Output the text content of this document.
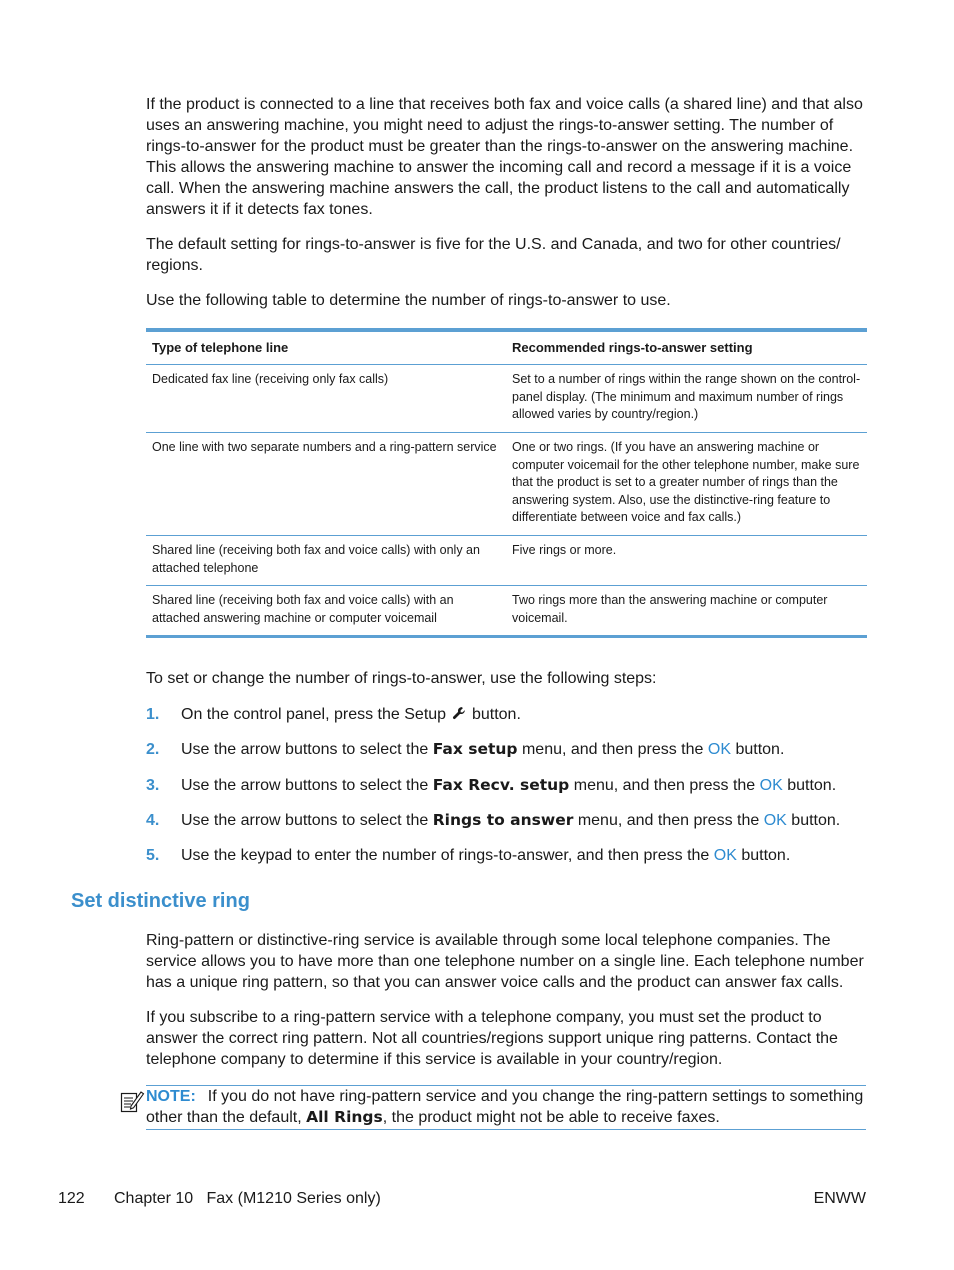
If the product is connected to a line that receives both fax and voice calls (a shared line) and that also uses an answering machine, you might need to adjust the rings-to-answer setting. The number of rings-to-answer for the product must be greater than the rings-to-answer on the answering machine. This allows the answering machine to answer the incoming call and record a message if it is a voice call. When the answering machine answers the call, the product listens to the call and automatically answers it if it detects fax tones.

The default setting for rings-to-answer is five for the U.S. and Canada, and two for other countries/ regions.

Use the following table to determine the number of rings-to-answer to use.

Type of telephone line	Recommended rings-to-answer setting
Dedicated fax line (receiving only fax calls)	Set to a number of rings within the range shown on the control-panel display. (The minimum and maximum number of rings allowed varies by country/region.)
One line with two separate numbers and a ring-pattern service	One or two rings. (If you have an answering machine or computer voicemail for the other telephone number, make sure that the product is set to a greater number of rings than the answering system. Also, use the distinctive-ring feature to differentiate between voice and fax calls.)
Shared line (receiving both fax and voice calls) with only an attached telephone	Five rings or more.
Shared line (receiving both fax and voice calls) with an attached answering machine or computer voicemail	Two rings more than the answering machine or computer voicemail.

To set or change the number of rings-to-answer, use the following steps:

1. On the control panel, press the Setup button.
2. Use the arrow buttons to select the Fax setup menu, and then press the OK button.
3. Use the arrow buttons to select the Fax Recv. setup menu, and then press the OK button.
4. Use the arrow buttons to select the Rings to answer menu, and then press the OK button.
5. Use the keypad to enter the number of rings-to-answer, and then press the OK button.
Set distinctive ring

Ring-pattern or distinctive-ring service is available through some local telephone companies. The service allows you to have more than one telephone number on a single line. Each telephone number has a unique ring pattern, so that you can answer voice calls and the product can answer fax calls.

If you subscribe to a ring-pattern service with a telephone company, you must set the product to answer the correct ring pattern. Not all countries/regions support unique ring patterns. Contact the telephone company to determine if this service is available in your country/region.

NOTE: If you do not have ring-pattern service and you change the ring-pattern settings to something other than the default, All Rings, the product might not be able to receive faxes.
122 Chapter 10   Fax (M1210 Series only)	ENWW
